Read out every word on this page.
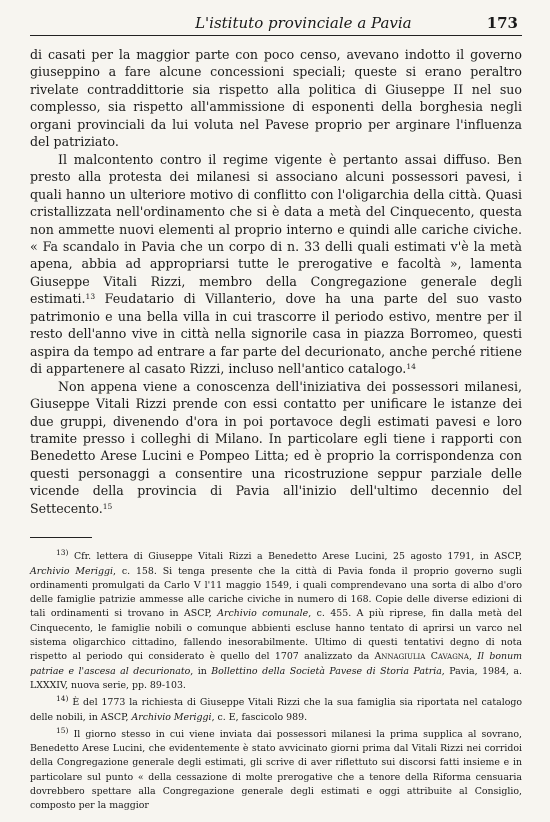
L'istituto provinciale a Pavia	173

di casati per la maggior parte con poco censo, avevano indotto il governo giuseppino a fare alcune concessioni speciali; queste si erano peraltro rivelate contraddittorie sia rispetto alla politica di Giuseppe II nel suo complesso, sia rispetto all'ammissione di esponenti della borghesia negli organi provinciali da lui voluta nel Pavese proprio per arginare l'influenza del patriziato.

Il malcontento contro il regime vigente è pertanto assai diffuso. Ben presto alla protesta dei milanesi si associano alcuni possessori pavesi, i quali hanno un ulteriore motivo di conflitto con l'oligarchia della città. Quasi cristallizzata nell'ordinamento che si è data a metà del Cinquecento, questa non ammette nuovi elementi al proprio interno e quindi alle cariche civiche. « Fa scandalo in Pavia che un corpo di n. 33 delli quali estimati v'è la metà apena, abbia ad appropriarsi tutte le prerogative e facoltà », lamenta Giuseppe Vitali Rizzi, membro della Congregazione generale degli estimati.$^{13}$ Feudatario di Villanterio, dove ha una parte del suo vasto patrimonio e una bella villa in cui trascorre il periodo estivo, mentre per il resto dell'anno vive in città nella signorile casa in piazza Borromeo, questi aspira da tempo ad entrare a far parte del decurionato, anche perché ritiene di appartenere al casato Rizzi, incluso nell'antico catalogo.$^{14}$

Non appena viene a conoscenza dell'iniziativa dei possessori milanesi, Giuseppe Vitali Rizzi prende con essi contatto per unificare le istanze dei due gruppi, divenendo d'ora in poi portavoce degli estimati pavesi e loro tramite presso i colleghi di Milano. In particolare egli tiene i rapporti con Benedetto Arese Lucini e Pompeo Litta; ed è proprio la corrispondenza con questi personaggi a consentire una ricostruzione seppur parziale delle vicende della provincia di Pavia all'inizio dell'ultimo decennio del Settecento.$^{15}$

$^{13)}$ Cfr. lettera di Giuseppe Vitali Rizzi a Benedetto Arese Lucini, 25 agosto 1791, in ASCP, Archivio Meriggi, c. 158. Si tenga presente che la città di Pavia fonda il proprio governo sugli ordinamenti promulgati da Carlo V l'11 maggio 1549, i quali comprendevano una sorta di albo d'oro delle famiglie patrizie ammesse alle cariche civiche in numero di 168. Copie delle diverse edizioni di tali ordinamenti si trovano in ASCP, Archivio comunale, c. 455. A più riprese, fin dalla metà del Cinquecento, le famiglie nobili o comunque abbienti escluse hanno tentato di aprirsi un varco nel sistema oligarchico cittadino, fallendo inesorabilmente. Ultimo di questi tentativi degno di nota rispetto al periodo qui considerato è quello del 1707 analizzato da Annagiulia Cavagna, Il bonum patriae e l'ascesa al decurionato, in Bollettino della Società Pavese di Storia Patria, Pavia, 1984, a. LXXXIV, nuova serie, pp. 89-103.

$^{14)}$ È del 1773 la richiesta di Giuseppe Vitali Rizzi che la sua famiglia sia riportata nel catalogo delle nobili, in ASCP, Archivio Meriggi, c. E, fascicolo 989.

$^{15)}$ Il giorno stesso in cui viene inviata dai possessori milanesi la prima supplica al sovrano, Benedetto Arese Lucini, che evidentemente è stato avvicinato giorni prima dal Vitali Rizzi nei corridoi della Congregazione generale degli estimati, gli scrive di aver riflettuto sui discorsi fatti insieme e in particolare sul punto « della cessazione di molte prerogative che a tenore della Riforma censuaria dovrebbero spettare alla Congregazione generale degli estimati e oggi attribuite al Consiglio, composto per la maggior
